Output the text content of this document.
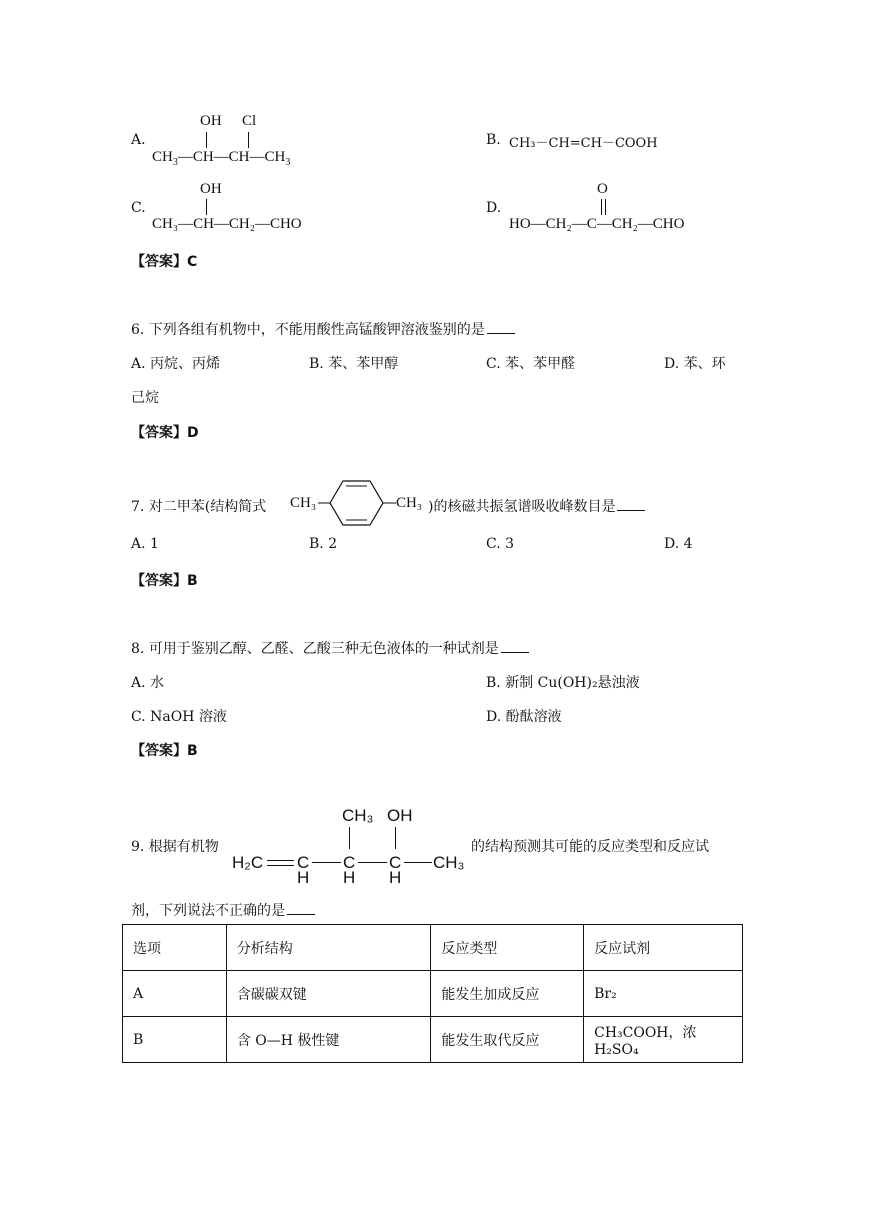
A.
OH Cl
$CH_3—CH—CH—CH_3$
B. CH₃－CH=CH－COOH
C.
OH
CH₃—CH—CH₂—CHO
D.
O
HO—CH₂—C—CH₂—CHO
【答案】C
6. 下列各组有机物中，不能用酸性高锰酸钾溶液鉴别的是
A. 丙烷、丙烯	B. 苯、苯甲醇	C. 苯、苯甲醛	D. 苯、环
己烷
【答案】D
7. 对二甲苯(结构简式 CH₃	CH₃ )的核磁共振氢谱吸收峰数目是
A. 1	B. 2	C. 3	D. 4
【答案】B
8. 可用于鉴别乙醇、乙醛、乙酸三种无色液体的一种试剂是
A. 水	B. 新制 Cu(OH)₂悬浊液
C. NaOH 溶液	D. 酚酞溶液
【答案】B
9. 根据有机物
CH₃ OH
H₂C C C C CH₃
H H H
的结构预测其可能的反应类型和反应试
剂，下列说法不正确的是
选项	分析结构	反应类型	反应试剂
A	含碳碳双键	能发生加成反应	Br₂
B	含 O—H 极性键	能发生取代反应	CH₃COOH，浓 H₂SO₄
